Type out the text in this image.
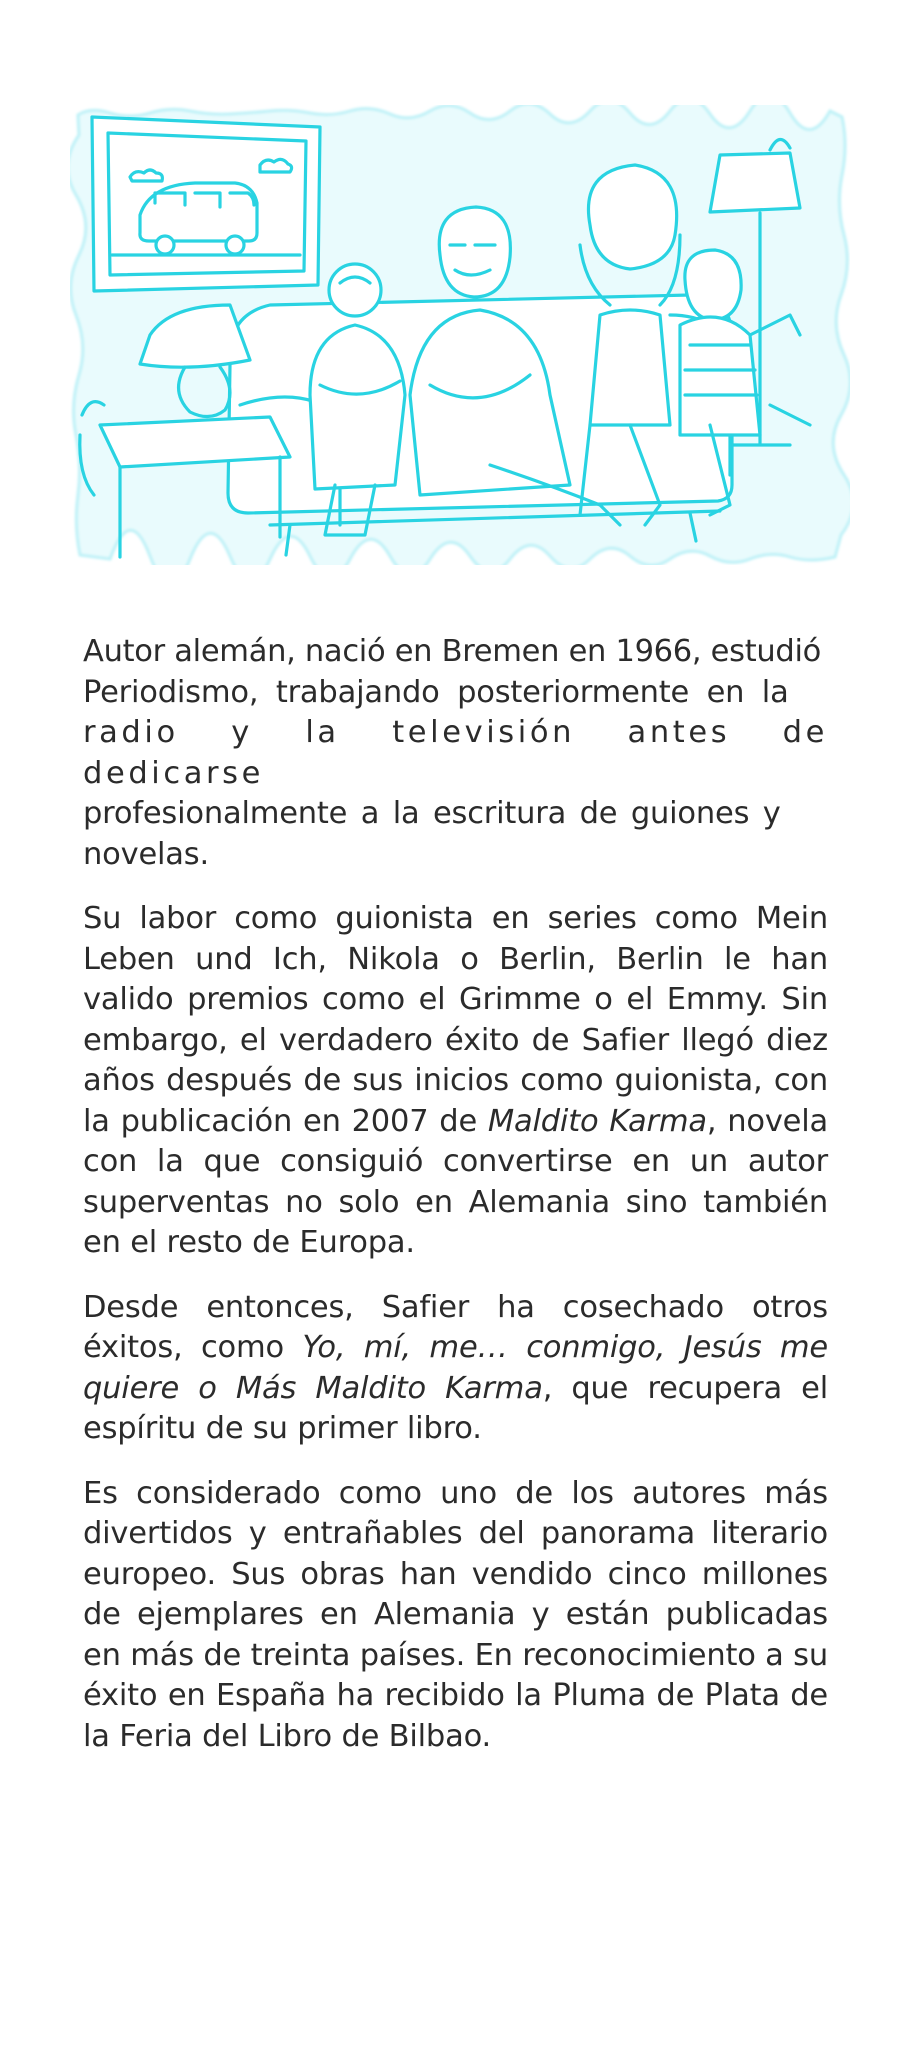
Autor alemán, nació en Bremen en 1966, estudió
Periodismo, trabajando posteriormente en la
radio y la televisión antes de dedicarse
profesionalmente a la escritura de guiones y
novelas.

Su labor como guionista en series como Mein Leben und Ich, Nikola o Berlin, Berlin le han valido premios como el Grimme o el Emmy. Sin embargo, el verdadero éxito de Safier llegó diez años después de sus inicios como guionista, con la publicación en 2007 de Maldito Karma, novela con la que consiguió convertirse en un autor superventas no solo en Alemania sino también en el resto de Europa.

Desde entonces, Safier ha cosechado otros éxitos, como Yo, mí, me… conmigo, Jesús me quiere o Más Maldito Karma, que recupera el espíritu de su primer libro.

Es considerado como uno de los autores más divertidos y entrañables del panorama literario europeo. Sus obras han vendido cinco millones de ejemplares en Alemania y están publicadas en más de treinta países. En reconocimiento a su éxito en España ha recibido la Pluma de Plata de la Feria del Libro de Bilbao.
